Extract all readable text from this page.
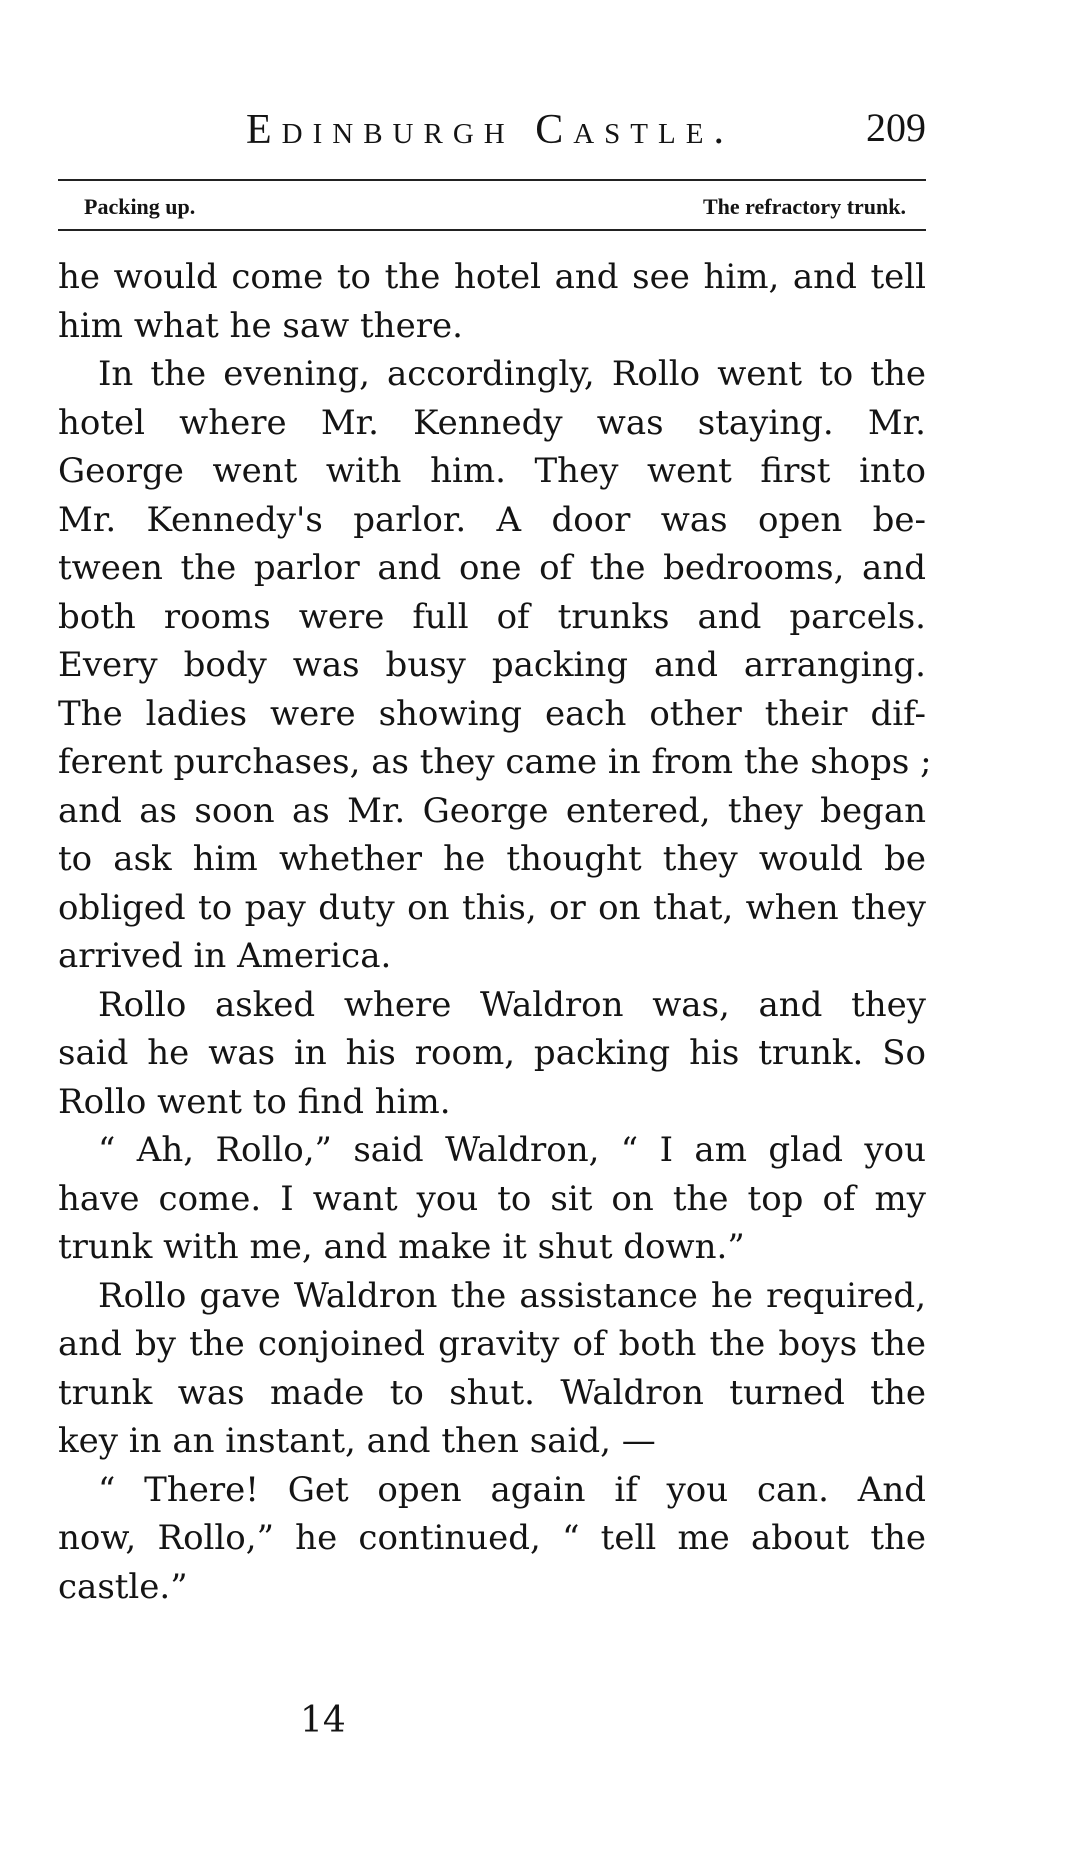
Edinburgh Castle.	209
Packing up.	The refractory trunk.
he would come to the hotel and see him, and tell
him what he saw there.
In the evening, accordingly, Rollo went to the
hotel where Mr. Kennedy was staying. Mr.
George went with him. They went first into
Mr. Kennedy's parlor. A door was open be-
tween the parlor and one of the bedrooms, and
both rooms were full of trunks and parcels.
Every body was busy packing and arranging.
The ladies were showing each other their dif-
ferent purchases, as they came in from the shops ;
and as soon as Mr. George entered, they began
to ask him whether he thought they would be
obliged to pay duty on this, or on that, when they
arrived in America.
Rollo asked where Waldron was, and they
said he was in his room, packing his trunk. So
Rollo went to find him.
“ Ah, Rollo,” said Waldron, “ I am glad you
have come. I want you to sit on the top of my
trunk with me, and make it shut down.”
Rollo gave Waldron the assistance he required,
and by the conjoined gravity of both the boys the
trunk was made to shut. Waldron turned the
key in an instant, and then said, —
“ There! Get open again if you can. And
now, Rollo,” he continued, “ tell me about the
castle.”
14
